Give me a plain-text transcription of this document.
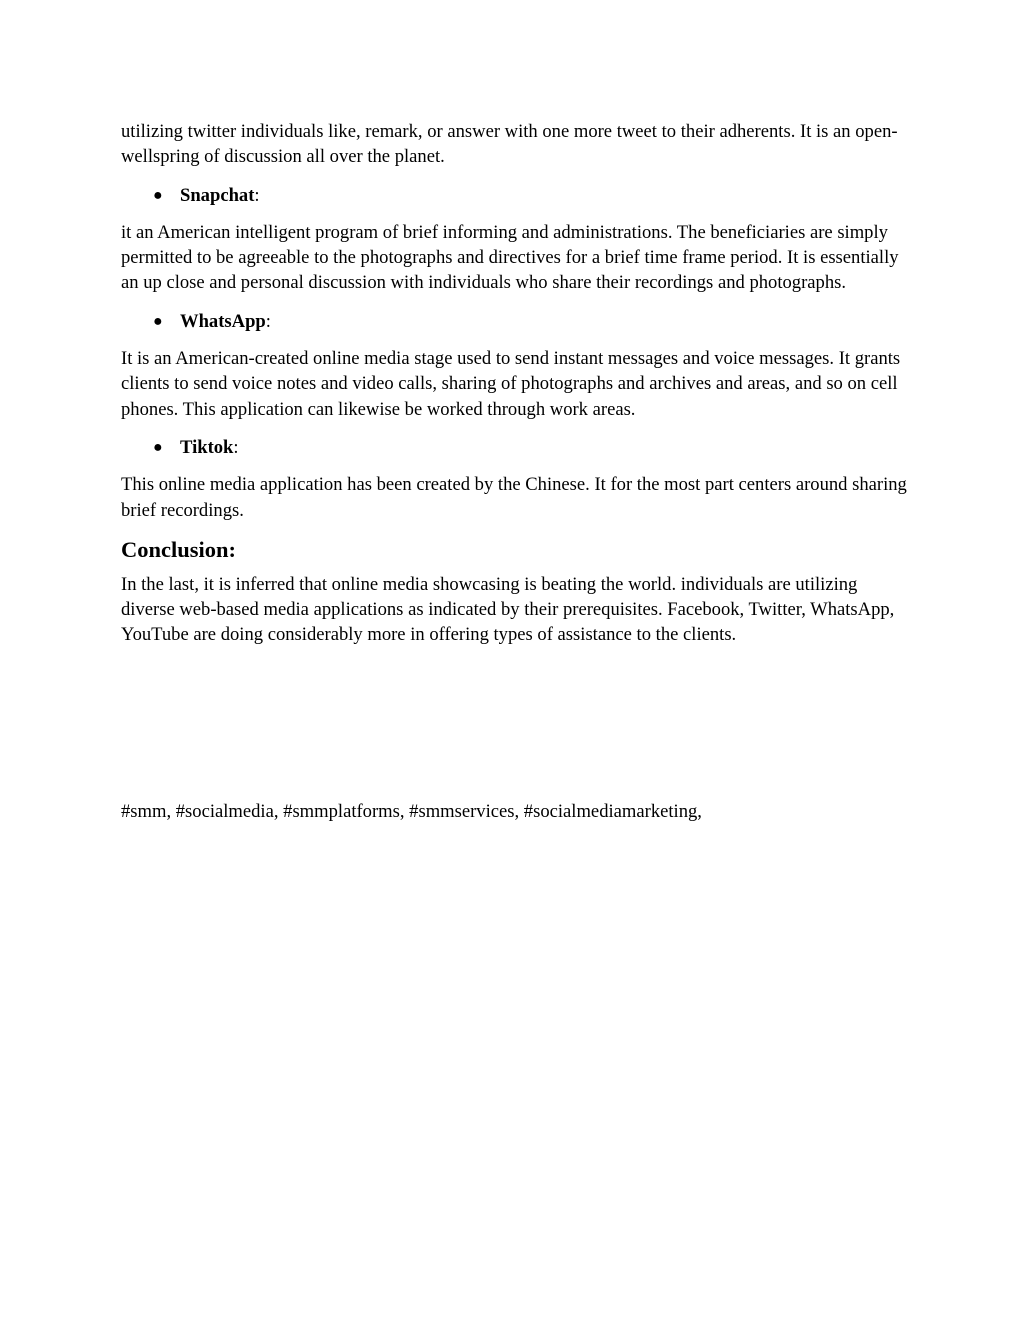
utilizing twitter individuals like, remark, or answer with one more tweet to their adherents. It is an open-wellspring of discussion all over the planet.

● Snapchat:

it an American intelligent program of brief informing and administrations. The beneficiaries are simply permitted to be agreeable to the photographs and directives for a brief time frame period. It is essentially an up close and personal discussion with individuals who share their recordings and photographs.

● WhatsApp:

It is an American-created online media stage used to send instant messages and voice messages. It grants clients to send voice notes and video calls, sharing of photographs and archives and areas, and so on cell phones. This application can likewise be worked through work areas.

● Tiktok:

This online media application has been created by the Chinese. It for the most part centers around sharing brief recordings.

Conclusion:

In the last, it is inferred that online media showcasing is beating the world. individuals are utilizing diverse web-based media applications as indicated by their prerequisites. Facebook, Twitter, WhatsApp, YouTube are doing considerably more in offering types of assistance to the clients.

#smm, #socialmedia, #smmplatforms, #smmservices, #socialmediamarketing,
